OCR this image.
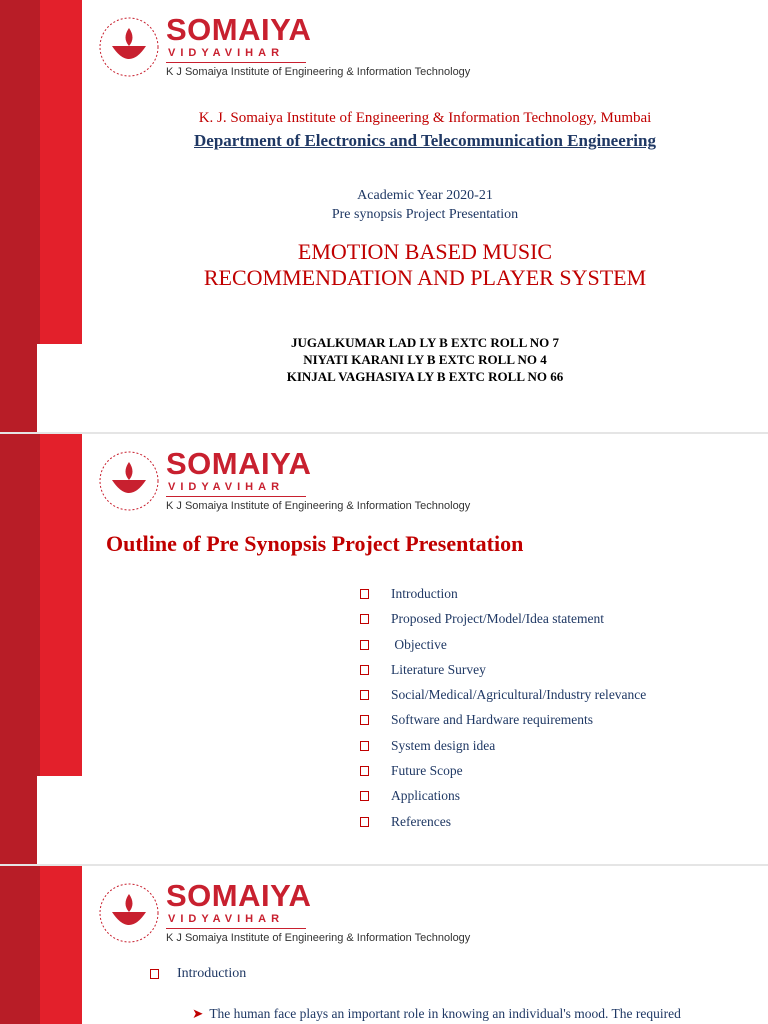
SOMAIYA
VIDYAVIHAR
K J Somaiya Institute of Engineering & Information Technology
K. J. Somaiya Institute of Engineering & Information Technology, Mumbai
Department of Electronics and Telecommunication Engineering
Academic Year 2020-21
Pre synopsis Project Presentation
EMOTION BASED MUSIC
RECOMMENDATION AND PLAYER SYSTEM
JUGALKUMAR LAD LY B EXTC ROLL NO 7
NIYATI KARANI LY B EXTC ROLL NO 4
KINJAL VAGHASIYA LY B EXTC ROLL NO 66
SOMAIYA
VIDYAVIHAR
K J Somaiya Institute of Engineering & Information Technology
Outline of Pre Synopsis Project Presentation
Introduction
Proposed Project/Model/Idea statement
Objective
Literature Survey
Social/Medical/Agricultural/Industry relevance
Software and Hardware requirements
System design idea
Future Scope
Applications
References
SOMAIYA
VIDYAVIHAR
K J Somaiya Institute of Engineering & Information Technology
Introduction
➤ The human face plays an important role in knowing an individual's mood. The required
